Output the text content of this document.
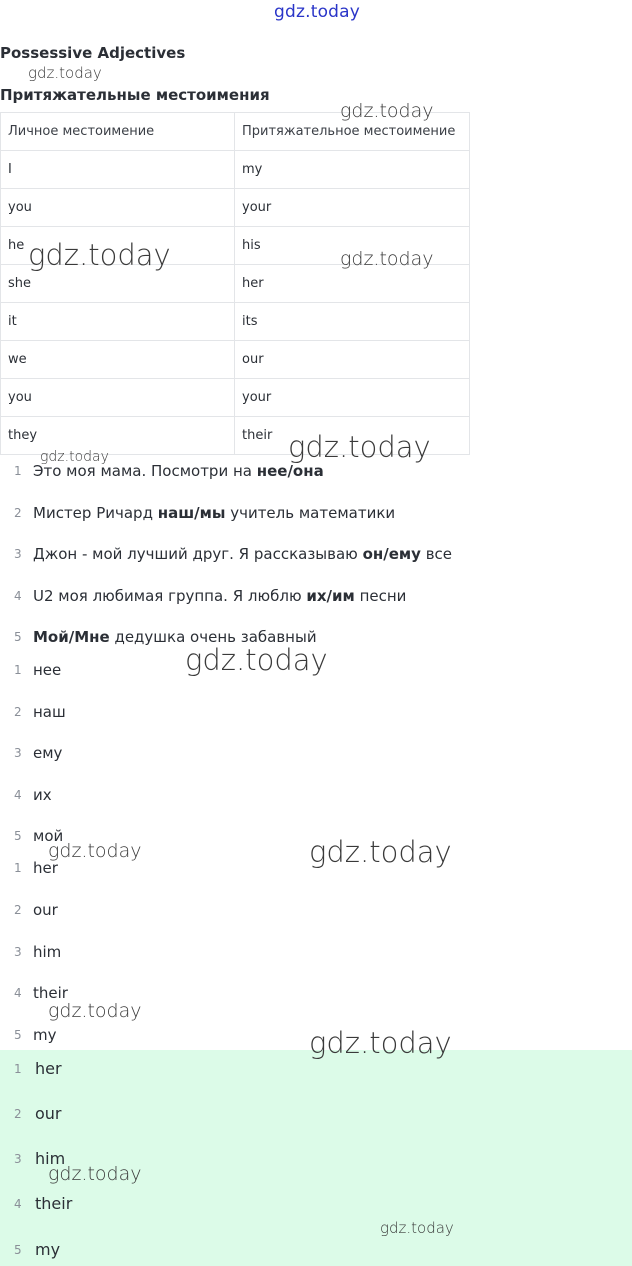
gdz.today
Possessive Adjectives
Притяжательные местоимения
Личное местоимение	Притяжательное местоимение
I	my
you	your
he	his
she	her
it	its
we	our
you	your
they	their
1 Это моя мама. Посмотри на нее/она
2 Мистер Ричард наш/мы учитель математики
3 Джон - мой лучший друг. Я рассказываю он/ему все
4 U2 моя любимая группа. Я люблю их/им песни
5 Мой/Мне дедушка очень забавный
1 нее
2 наш
3 ему
4 их
5 мой
1 her
2 our
3 him
4 their
5 my
1 her
2 our
3 him
4 their
5 my
gdz.today
gdz.today
gdz.today	gdz.today
gdz.today	gdz.today
gdz.today
gdz.today	gdz.today
gdz.today
gdz.today
gdz.today
gdz.today
